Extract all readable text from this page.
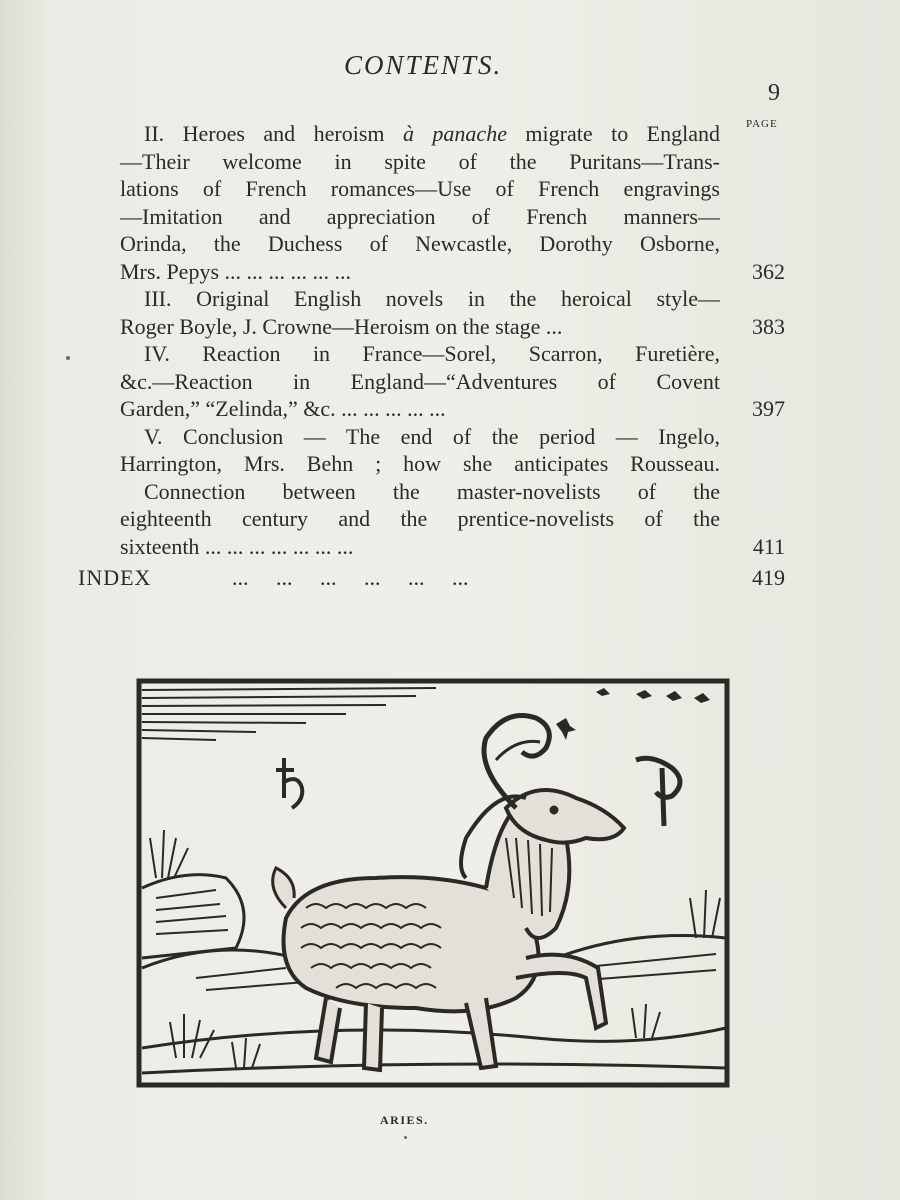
CONTENTS.
9
PAGE
II. Heroes and heroism à panache migrate to England
—Their welcome in spite of the Puritans—Trans-
lations of French romances—Use of French engravings
—Imitation and appreciation of French manners—
Orinda, the Duchess of Newcastle, Dorothy Osborne,
Mrs. Pepys ... ... ... ... ... ...	362
III. Original English novels in the heroical style—
Roger Boyle, J. Crowne—Heroism on the stage ...	383
IV. Reaction in France—Sorel, Scarron, Furetière,
&c.—Reaction in England—“Adventures of Covent
Garden,” “Zelinda,” &c. ... ... ... ... ...	397
V. Conclusion — The end of the period — Ingelo,
Harrington, Mrs. Behn ; how she anticipates Rousseau.
Connection between the master-novelists of the
eighteenth century and the prentice-novelists of the
sixteenth ... ... ... ... ... ... ...	411
INDEX	...     ...     ...     ...     ...     ...	419
ARIES.
